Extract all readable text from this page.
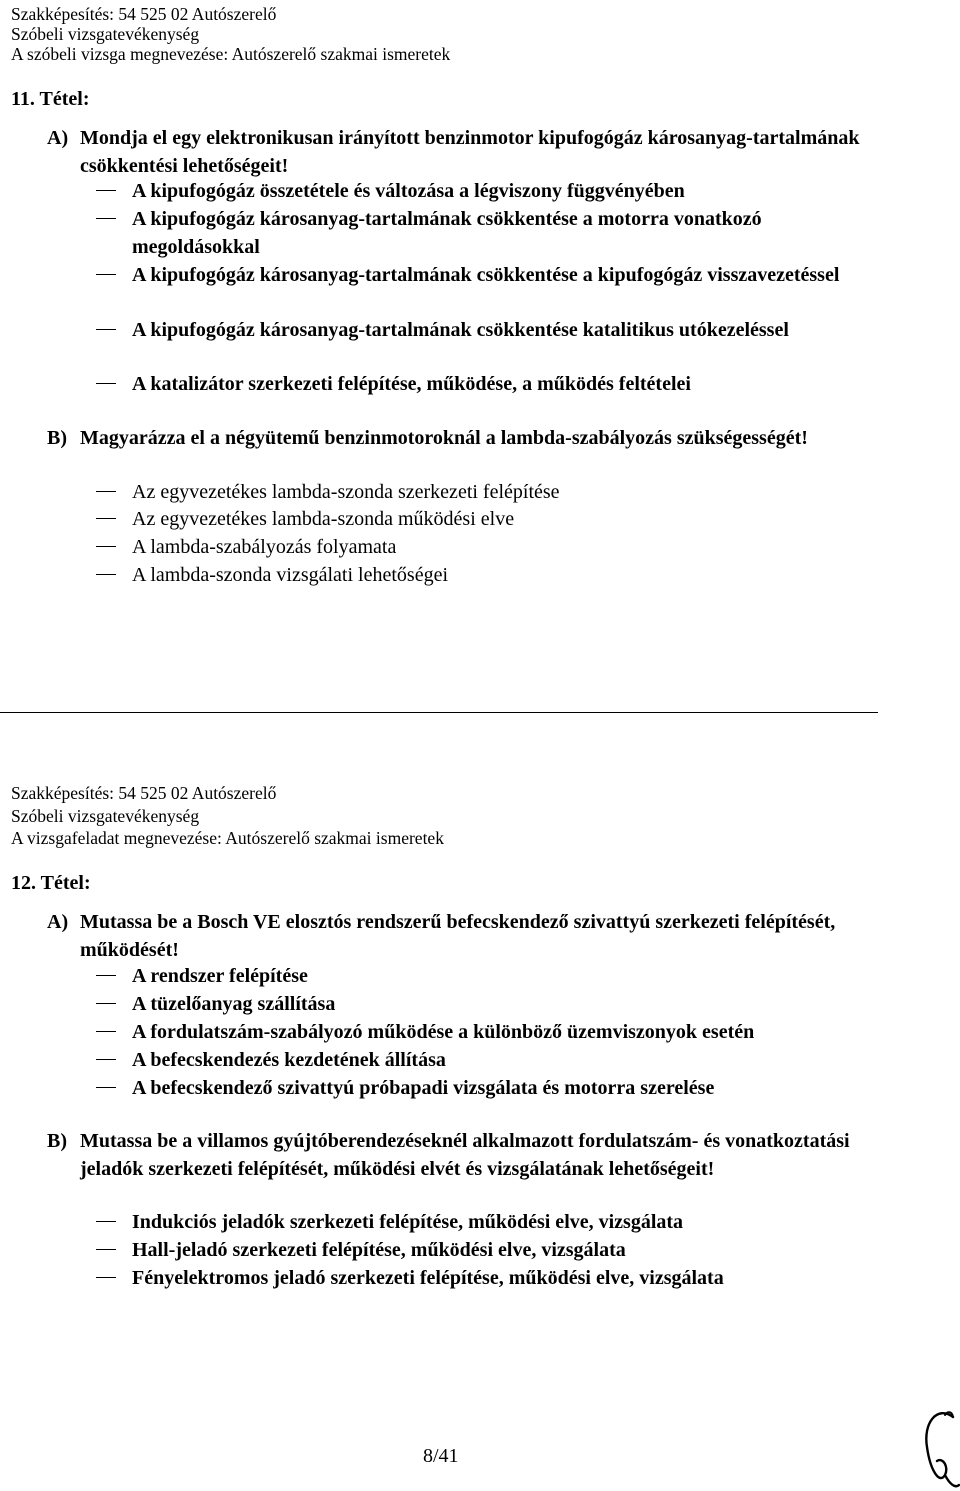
Szakképesítés: 54 525 02 Autószerelő
Szóbeli vizsgatevékenység
A szóbeli vizsga megnevezése: Autószerelő szakmai ismeretek
11. Tétel:
A) Mondja el egy elektronikusan irányított benzinmotor kipufogógáz károsanyag-tartalmának csökkentési lehetőségeit!
A kipufogógáz összetétele és változása a légviszony függvényében
A kipufogógáz károsanyag-tartalmának csökkentése a motorra vonatkozó megoldásokkal
A kipufogógáz károsanyag-tartalmának csökkentése a kipufogógáz visszavezetéssel
A kipufogógáz károsanyag-tartalmának csökkentése katalitikus utókezeléssel
A katalizátor szerkezeti felépítése, működése, a működés feltételei
B) Magyarázza el a négyütemű benzinmotoroknál a lambda-szabályozás szükségességét!
Az egyvezetékes lambda-szonda szerkezeti felépítése
Az egyvezetékes lambda-szonda működési elve
A lambda-szabályozás folyamata
A lambda-szonda vizsgálati lehetőségei
Szakképesítés: 54 525 02 Autószerelő
Szóbeli vizsgatevékenység
A vizsgafeladat megnevezése: Autószerelő szakmai ismeretek
12. Tétel:
A) Mutassa be a Bosch VE elosztós rendszerű befecskendező szivattyú szerkezeti felépítését, működését!
A rendszer felépítése
A tüzelőanyag szállítása
A fordulatszám-szabályozó működése a különböző üzemviszonyok esetén
A befecskendezés kezdetének állítása
A befecskendező szivattyú próbapadi vizsgálata és motorra szerelése
B) Mutassa be a villamos gyújtóberendezéseknél alkalmazott fordulatszám- és vonatkoztatási jeladók szerkezeti felépítését, működési elvét és vizsgálatának lehetőségeit!
Indukciós jeladók szerkezeti felépítése, működési elve, vizsgálata
Hall-jeladó szerkezeti felépítése, működési elve, vizsgálata
Fényelektromos jeladó szerkezeti felépítése, működési elve, vizsgálata
8/41
